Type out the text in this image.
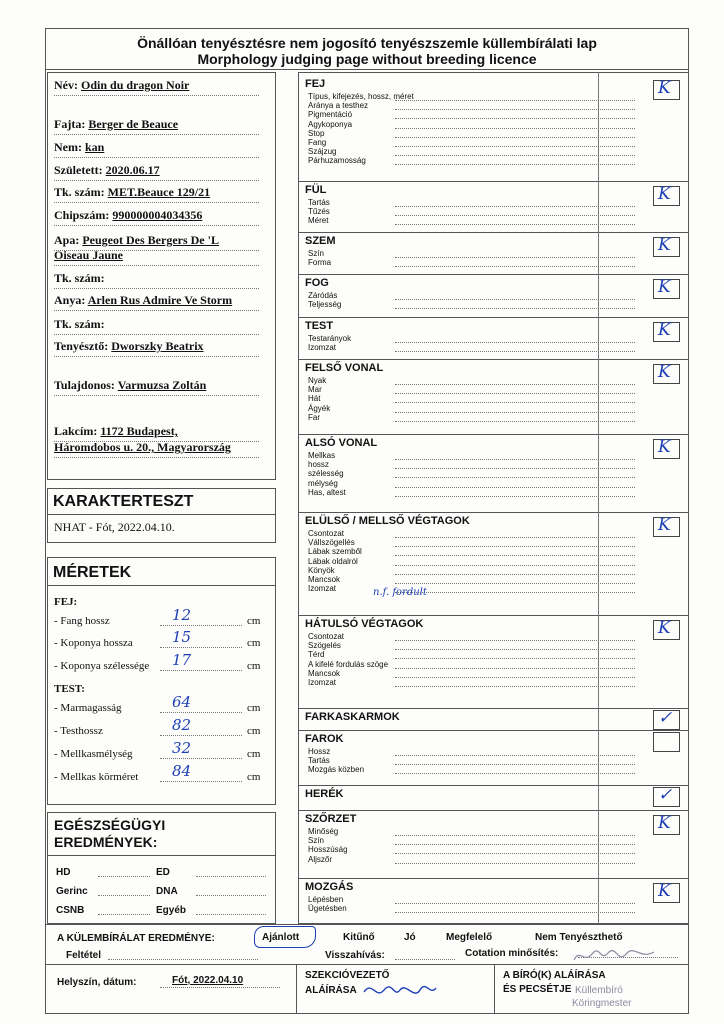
Önállóan tenyésztésre nem jogosító tenyészszemle küllembírálati lap
Morphology judging page without breeding licence
Név: Odin du dragon Noir
Fajta: Berger de Beauce
Nem: kan
Született: 2020.06.17
Tk. szám: MET.Beauce 129/21
Chipszám: 990000004034356
Apa: Peugeot Des Bergers De 'L
Oiseau Jaune
Tk. szám:
Anya: Arlen Rus Admire Ve Storm
Tk. szám:
Tenyésztő: Dworszky Beatrix
Tulajdonos: Varmuzsa Zoltán
Lakcím: 1172 Budapest,
Háromdobos u. 20., Magyarország
KARAKTERTESZT
NHAT - Fót, 2022.04.10.
MÉRETEK
FEJ:
TEST:
- Fang hossz	12	cm
- Koponya hossza	15	cm
- Koponya szélessége 17	cm
- Marmagasság	64	cm
- Testhossz	82	cm
- Mellkasmélység	32	cm
- Mellkas körméret 84	cm
EGÉSZSÉGÜGYI
EREDMÉNYEK:
HD	ED
Gerinc	DNA
CSNB	Egyéb
FEJ
Típus, kifejezés, hossz, méret
Aránya a testhez
Pigmentáció
Agykoponya
Stop
Fang
Szájzug
Párhuzamosság
K
FÜL
Tartás
Tűzés
Méret
K
SZEM
Szín
Forma
K
FOG
Záródás
Teljesség
K
TEST
Testarányok
Izomzat
K
FELSŐ VONAL
Nyak
Mar
Hát
Ágyék
Far
K
ALSÓ VONAL
Mellkas
hossz
szélesség
mélység
Has, altest
K
ELÜLSŐ / MELLSŐ VÉGTAGOK
Csontozat
Vállszögellés
Lábak szemből
Lábak oldalról
Könyök
Mancsok
Izomzat
K
HÁTULSÓ VÉGTAGOK
Csontozat
Szögelés
Térd
A kifelé fordulás szöge
Mancsok
Izomzat
K
FARKASKARMOK	✓
FAROK
Hossz
Tartás
Mozgás közben
HERÉK	✓
SZŐRZET
Minőség
Szín
Hosszúság
Aljszőr
K
MOZGÁS
Lépésben
Ügetésben
K
n.f. fordult
A KÜLEMBÍRÁLAT EREDMÉNYE:	Ajánlott	Kitűnő	Jó	Megfelelő	Nem Tenyészthető
Feltétel	Visszahívás:	Cotation minősítés:
Helyszín, dátum:	Fót, 2022.04.10	SZEKCIÓVEZETŐ
ALÁÍRÁSA
A BÍRÓ(K) ALÁÍRÁSA
ÉS PECSÉTJE Küllembíró
Köringmester
